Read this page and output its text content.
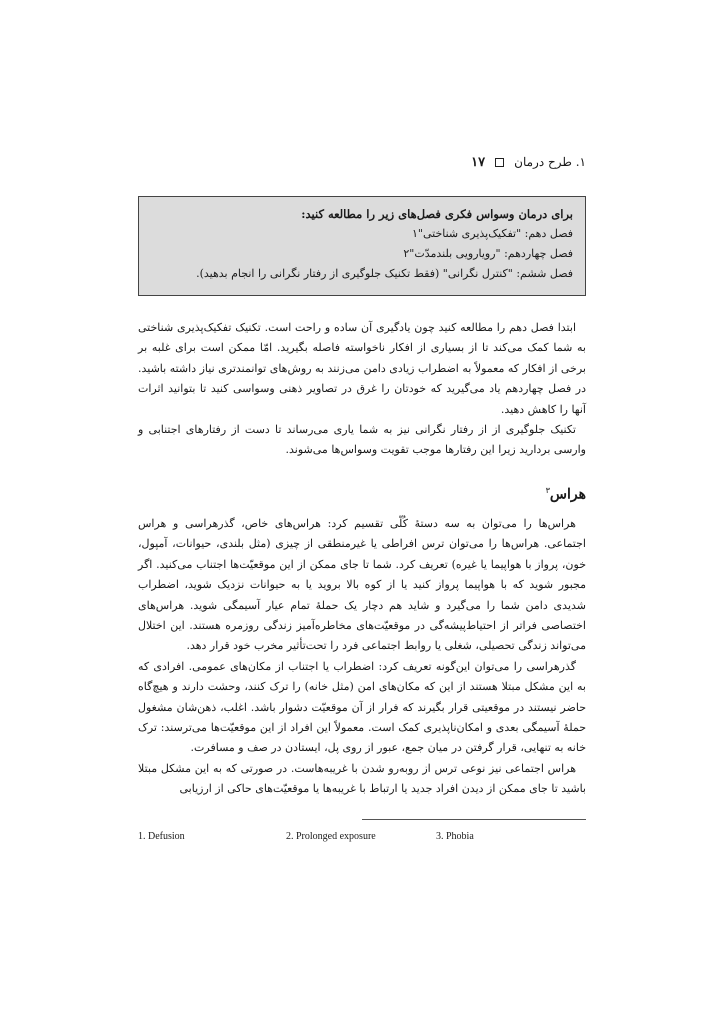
۱. طرح درمان۱۷
برای درمان وسواس فکری فصل‌های زیر را مطالعه کنید:
فصل دهم: "تفکیک‌پذیری شناختی"۱
فصل چهاردهم: "رویارویی بلندمدّت"۲
فصل ششم: "کنترل نگرانی" (فقط تکنیک جلوگیری از رفتار نگرانی را انجام بدهید).

ابتدا فصل دهم را مطالعه کنید چون یادگیری آن ساده و راحت است. تکنیک تفکیک‌پذیری شناختی به شما کمک می‌کند تا از بسیاری از افکار ناخواسته فاصله بگیرید. امّا ممکن است برای غلبه بر برخی از افکار که معمولاً به اضطراب زیادی دامن می‌زنند به روش‌های توانمندتری نیاز داشته باشید. در فصل چهاردهم یاد می‌گیرید که خودتان را غرق در تصاویر ذهنی وسواسی کنید تا بتوانید اثرات آنها را کاهش دهید.

تکنیک جلوگیری از از رفتار نگرانی نیز به شما یاری می‌رساند تا دست از رفتارهای اجتنابی و وارسی بردارید زیرا این رفتارها موجب تقویت وسواس‌ها می‌شوند.

هراس$^۳$

هراس‌ها را می‌توان به سه دستهٔ کُلّی تقسیم کرد: هراس‌های خاص، گذرهراسی و هراس اجتماعی. هراس‌ها را می‌توان ترس افراطی یا غیرمنطقی از چیزی (مثل بلندی، حیوانات، آمپول، خون، پرواز با هواپیما یا غیره) تعریف کرد. شما تا جای ممکن از این موقعیّت‌ها اجتناب می‌کنید. اگر مجبور شوید که با هواپیما پرواز کنید یا از کوه بالا بروید یا به حیوانات نزدیک شوید، اضطراب شدیدی دامن شما را می‌گیرد و شاید هم دچار یک حملهٔ تمام عیار آسیمگی شوید. هراس‌های اختصاصی فراتر از احتیاط‌پیشه‌گی در موقعیّت‌های مخاطره‌آمیز زندگی روزمره هستند. این اختلال می‌تواند زندگی تحصیلی، شغلی یا روابط اجتماعی فرد را تحت‌تأثیر مخرب خود قرار دهد.

گذرهراسی را می‌توان این‌گونه تعریف کرد: اضطراب یا اجتناب از مکان‌های عمومی. افرادی که به این مشکل مبتلا هستند از این که مکان‌های امن (مثل خانه) را ترک کنند، وحشت دارند و هیچ‌گاه حاضر نیستند در موقعیتی قرار بگیرند که فرار از آن موقعیّت دشوار باشد. اغلب، ذهن‌شان مشغول حملهٔ آسیمگی بعدی و امکان‌ناپذیری کمک است. معمولاً این افراد از این موقعیّت‌ها می‌ترسند: ترک خانه به تنهایی، قرار گرفتن در میان جمع، عبور از روی پل، ایستادن در صف و مسافرت.

هراس اجتماعی نیز نوعی ترس از روبه‌رو شدن با غریبه‌هاست. در صورتی که به این مشکل مبتلا باشید تا جای ممکن از دیدن افراد جدید یا ارتباط با غریبه‌ها یا موقعیّت‌های حاکی از ارزیابی

1. Defusion	2. Prolonged exposure	3. Phobia
